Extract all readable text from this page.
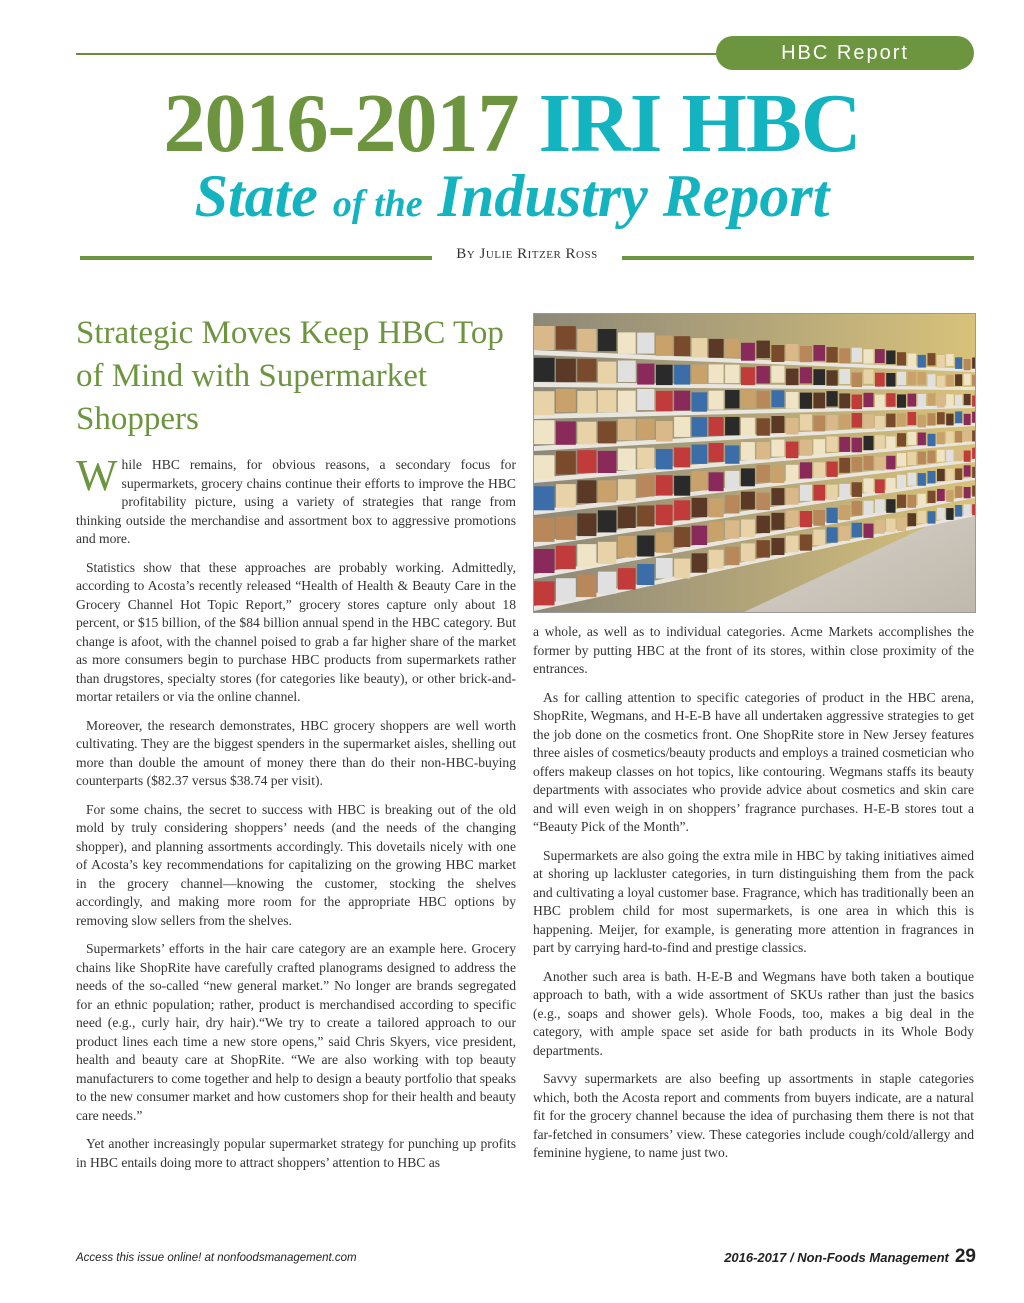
HBC Report
2016-2017 IRI HBC
State of the Industry Report
By Julie Ritzer Ross
Strategic Moves Keep HBC Top of Mind with Supermarket Shoppers

While HBC remains, for obvious reasons, a secondary focus for supermarkets, grocery chains continue their efforts to improve the HBC profitability picture, using a variety of strategies that range from thinking outside the merchandise and assortment box to aggressive promotions and more.

Statistics show that these approaches are probably working. Admittedly, according to Acosta’s recently released “Health of Health & Beauty Care in the Grocery Channel Hot Topic Report,” grocery stores capture only about 18 percent, or $15 billion, of the $84 billion annual spend in the HBC category. But change is afoot, with the channel poised to grab a far higher share of the market as more consumers begin to purchase HBC products from supermarkets rather than drugstores, specialty stores (for categories like beauty), or other brick-and-mortar retailers or via the online channel.

Moreover, the research demonstrates, HBC grocery shoppers are well worth cultivating. They are the biggest spenders in the supermarket aisles, shelling out more than double the amount of money there than do their non-HBC-buying counterparts ($82.37 versus $38.74 per visit).

For some chains, the secret to success with HBC is breaking out of the old mold by truly considering shoppers’ needs (and the needs of the changing shopper), and planning assortments accordingly. This dovetails nicely with one of Acosta’s key recommendations for capitalizing on the growing HBC market in the grocery channel—knowing the customer, stocking the shelves accordingly, and making more room for the appropriate HBC options by removing slow sellers from the shelves.

Supermarkets’ efforts in the hair care category are an example here. Grocery chains like ShopRite have carefully crafted planograms designed to address the needs of the so-called “new general market.” No longer are brands segregated for an ethnic population; rather, product is merchandised according to specific need (e.g., curly hair, dry hair).“We try to create a tailored approach to our product lines each time a new store opens,” said Chris Skyers, vice president, health and beauty care at ShopRite. “We are also working with top beauty manufacturers to come together and help to design a beauty portfolio that speaks to the new consumer market and how customers shop for their health and beauty care needs.”

Yet another increasingly popular supermarket strategy for punching up profits in HBC entails doing more to attract shoppers’ attention to HBC as

a whole, as well as to individual categories. Acme Markets accomplishes the former by putting HBC at the front of its stores, within close proximity of the entrances.

As for calling attention to specific categories of product in the HBC arena, ShopRite, Wegmans, and H-E-B have all undertaken aggressive strategies to get the job done on the cosmetics front. One ShopRite store in New Jersey features three aisles of cosmetics/beauty products and employs a trained cosmetician who offers makeup classes on hot topics, like contouring. Wegmans staffs its beauty departments with associates who provide advice about cosmetics and skin care and will even weigh in on shoppers’ fragrance purchases. H-E-B stores tout a “Beauty Pick of the Month”.

Supermarkets are also going the extra mile in HBC by taking initiatives aimed at shoring up lackluster categories, in turn distinguishing them from the pack and cultivating a loyal customer base. Fragrance, which has traditionally been an HBC problem child for most supermarkets, is one area in which this is happening. Meijer, for example, is generating more attention in fragrances in part by carrying hard-to-find and prestige classics.

Another such area is bath. H-E-B and Wegmans have both taken a boutique approach to bath, with a wide assortment of SKUs rather than just the basics (e.g., soaps and shower gels). Whole Foods, too, makes a big deal in the category, with ample space set aside for bath products in its Whole Body departments.

Savvy supermarkets are also beefing up assortments in staple categories which, both the Acosta report and comments from buyers indicate, are a natural fit for the grocery channel because the idea of purchasing them there is not that far-fetched in consumers’ view. These categories include cough/cold/allergy and feminine hygiene, to name just two.

Access this issue online! at nonfoodsmanagement.com	2016-2017 / Non-Foods Management 29
